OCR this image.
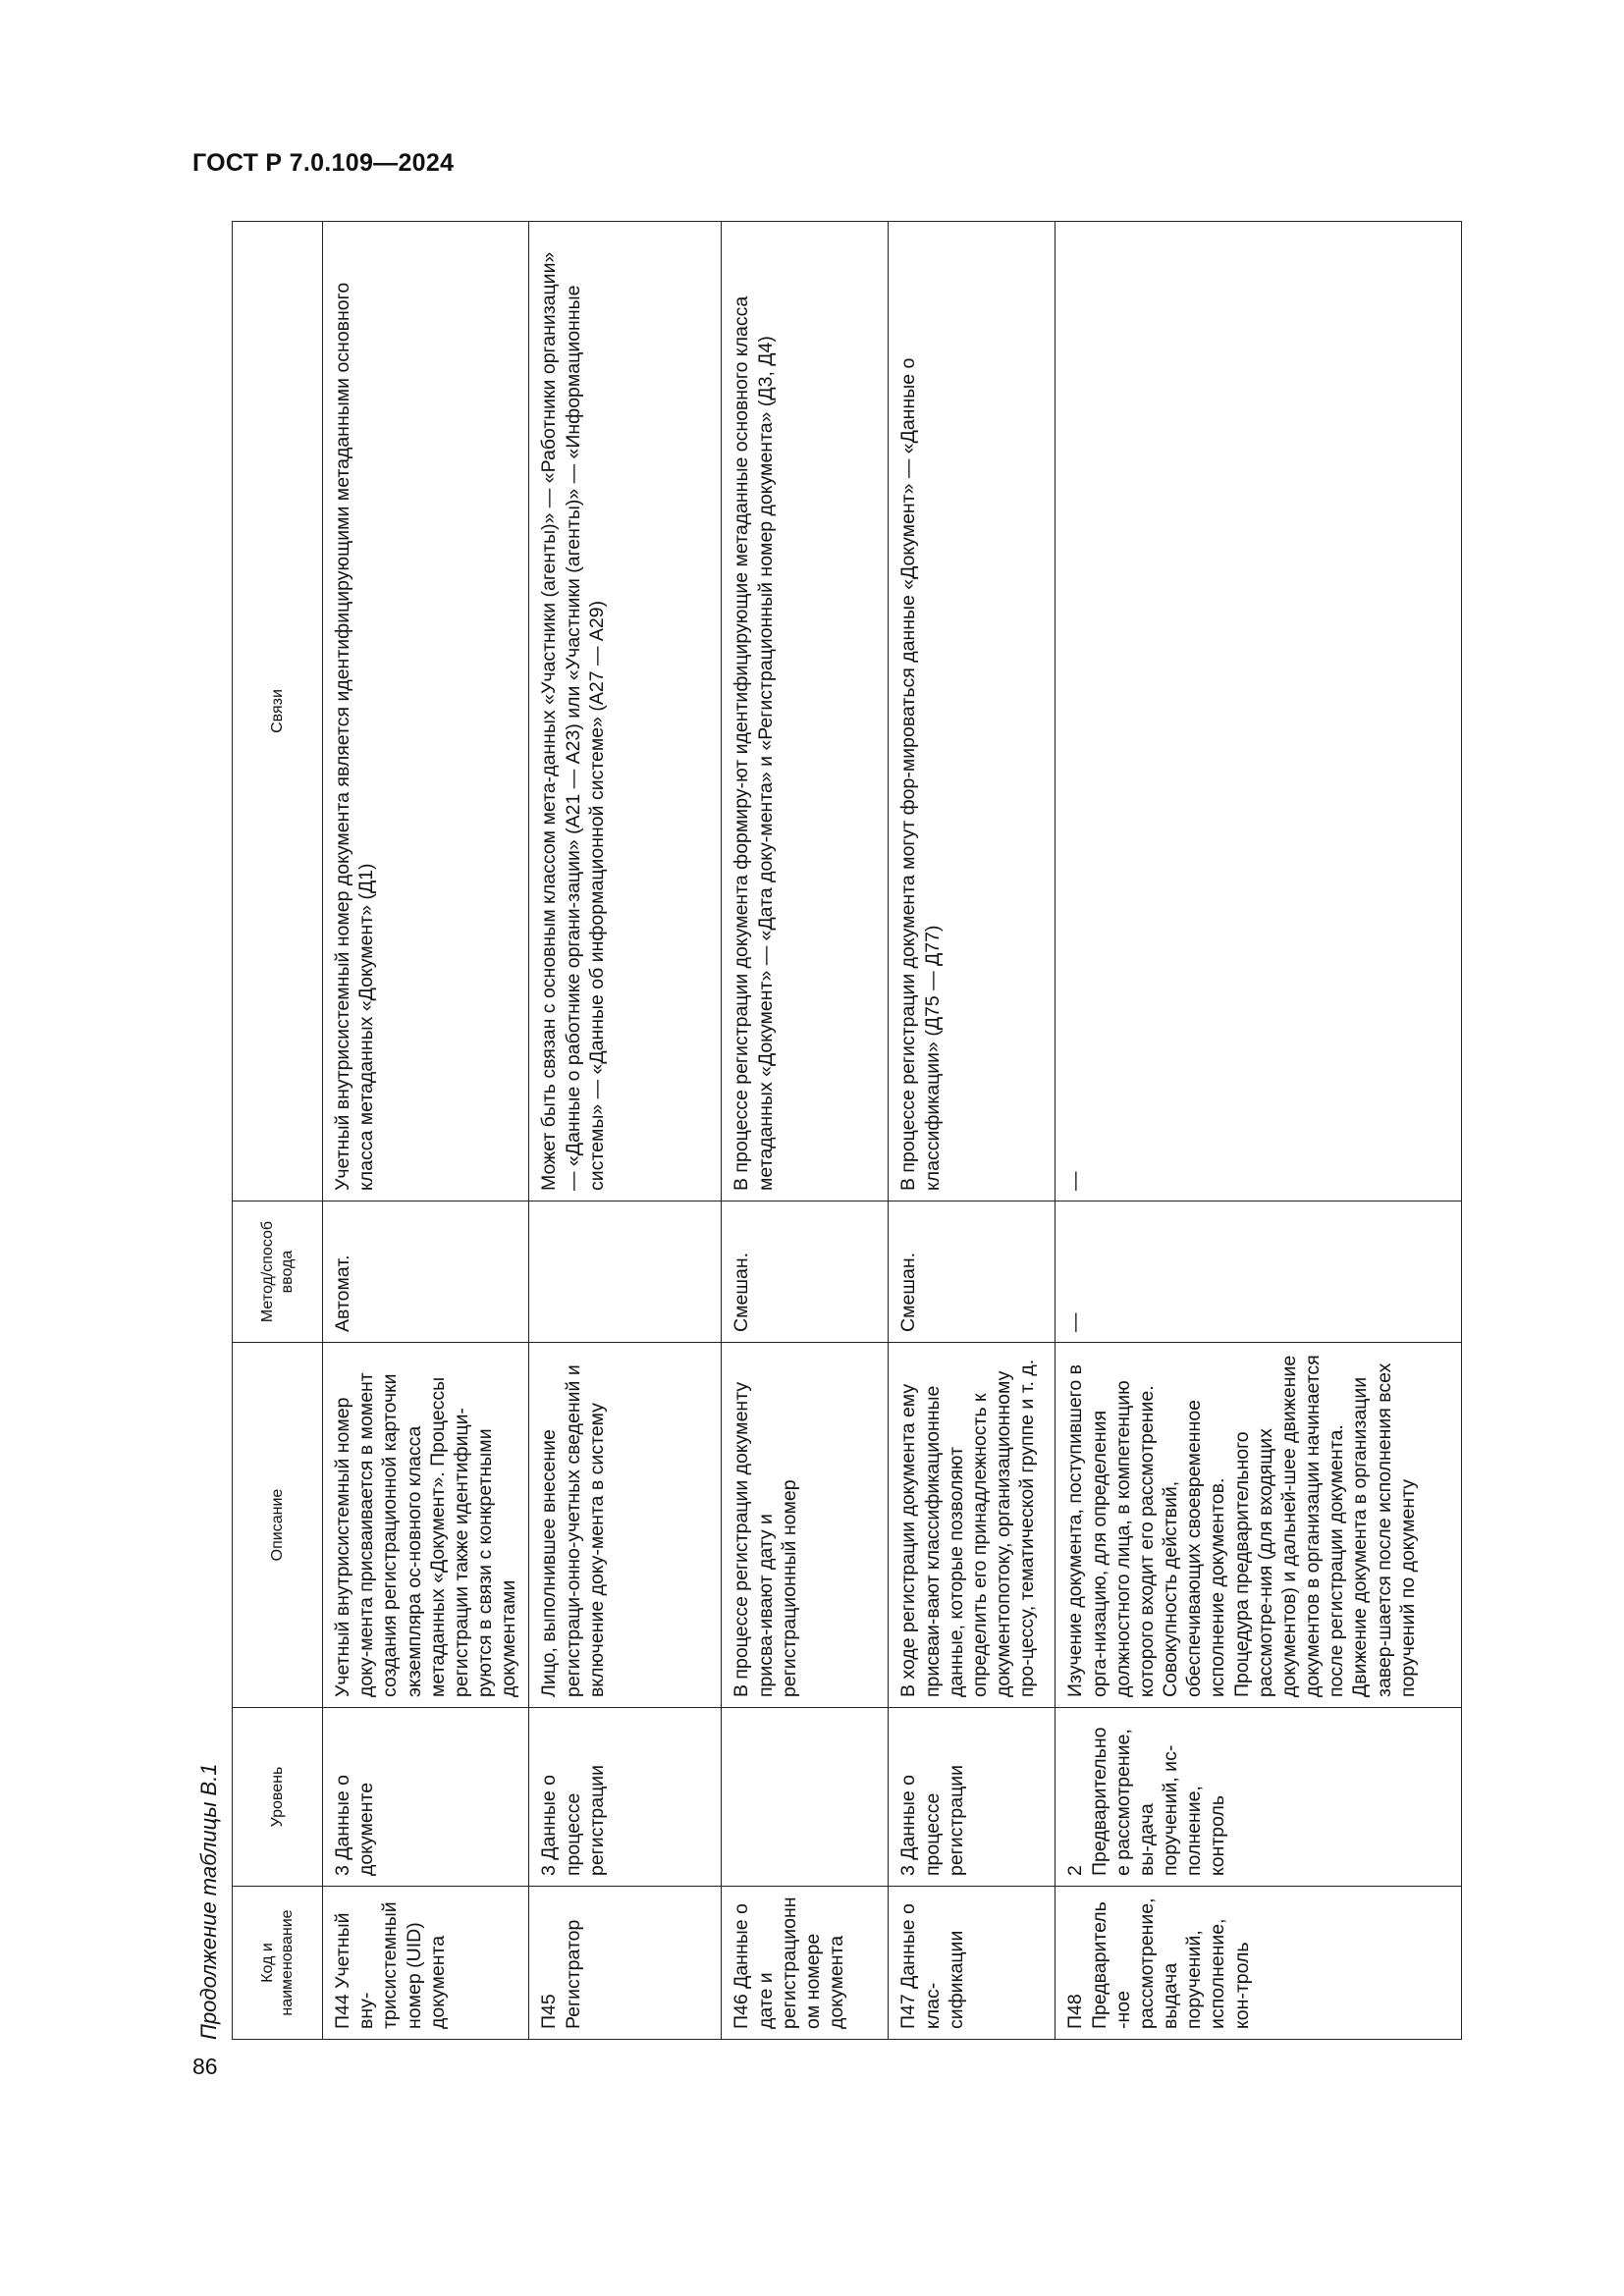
ГОСТ Р 7.0.109—2024
86
Продолжение таблицы В.1	Код и наименование	Уровень	Описание	Метод/способ ввода	Связи
П44 Учетный вну-трисистемный номер (UID) документа	3 Данные о документе	Учетный внутрисистемный номер доку-мента присваивается в момент создания регистрационной карточки экземпляра ос-новного класса метаданных «Документ». Процессы регистрации также идентифици-руются в связи с конкретными документами	Автомат.	Учетный внутрисистемный номер документа является идентифицирующими метаданными основного класса метаданных «Документ» (Д1)
П45 Регистратор	3 Данные о процессе регистрации	Лицо, выполнившее внесение регистраци-онно-учетных сведений и включение доку-мента в систему		Может быть связан с основным классом мета-данных «Участники (агенты)» — «Работники организации» — «Данные о работнике органи-зации» (А21 — А23) или «Участники (агенты)» — «Информационные системы» — «Данные об информационной системе» (А27 — А29)
П46 Данные о дате и регистрационном номере документа		В процессе регистрации документу присва-ивают дату и регистрационный номер	Смешан.	В процессе регистрации документа формиру-ют идентифицирующие метаданные основного класса метаданных «Документ» — «Дата доку-мента» и «Регистрационный номер документа» (Д3, Д4)
П47 Данные о клас-сификации	3 Данные о процессе регистрации	В ходе регистрации документа ему присваи-вают классификационные данные, которые позволяют определить его принадлежность к документопотоку, организационному про-цессу, тематической группе и т. д.	Смешан.	В процессе регистрации документа могут фор-мироваться данные «Документ» — «Данные о классификации» (Д75 — Д77)
П48 Предваритель-ное рассмотрение, выдача поручений, исполнение, кон-троль	2 Предварительное рассмотрение, вы-дача поручений, ис-полнение, контроль	Изучение документа, поступившего в орга-низацию, для определения должностного лица, в компетенцию которого входит его рассмотрение.
Совокупность действий, обеспечивающих своевременное исполнение документов.
Процедура предварительного рассмотре-ния (для входящих документов) и дальней-шее движение документов в организации начинается после регистрации документа.
Движение документа в организации завер-шается после исполнения всех поручений по документу	—	—
